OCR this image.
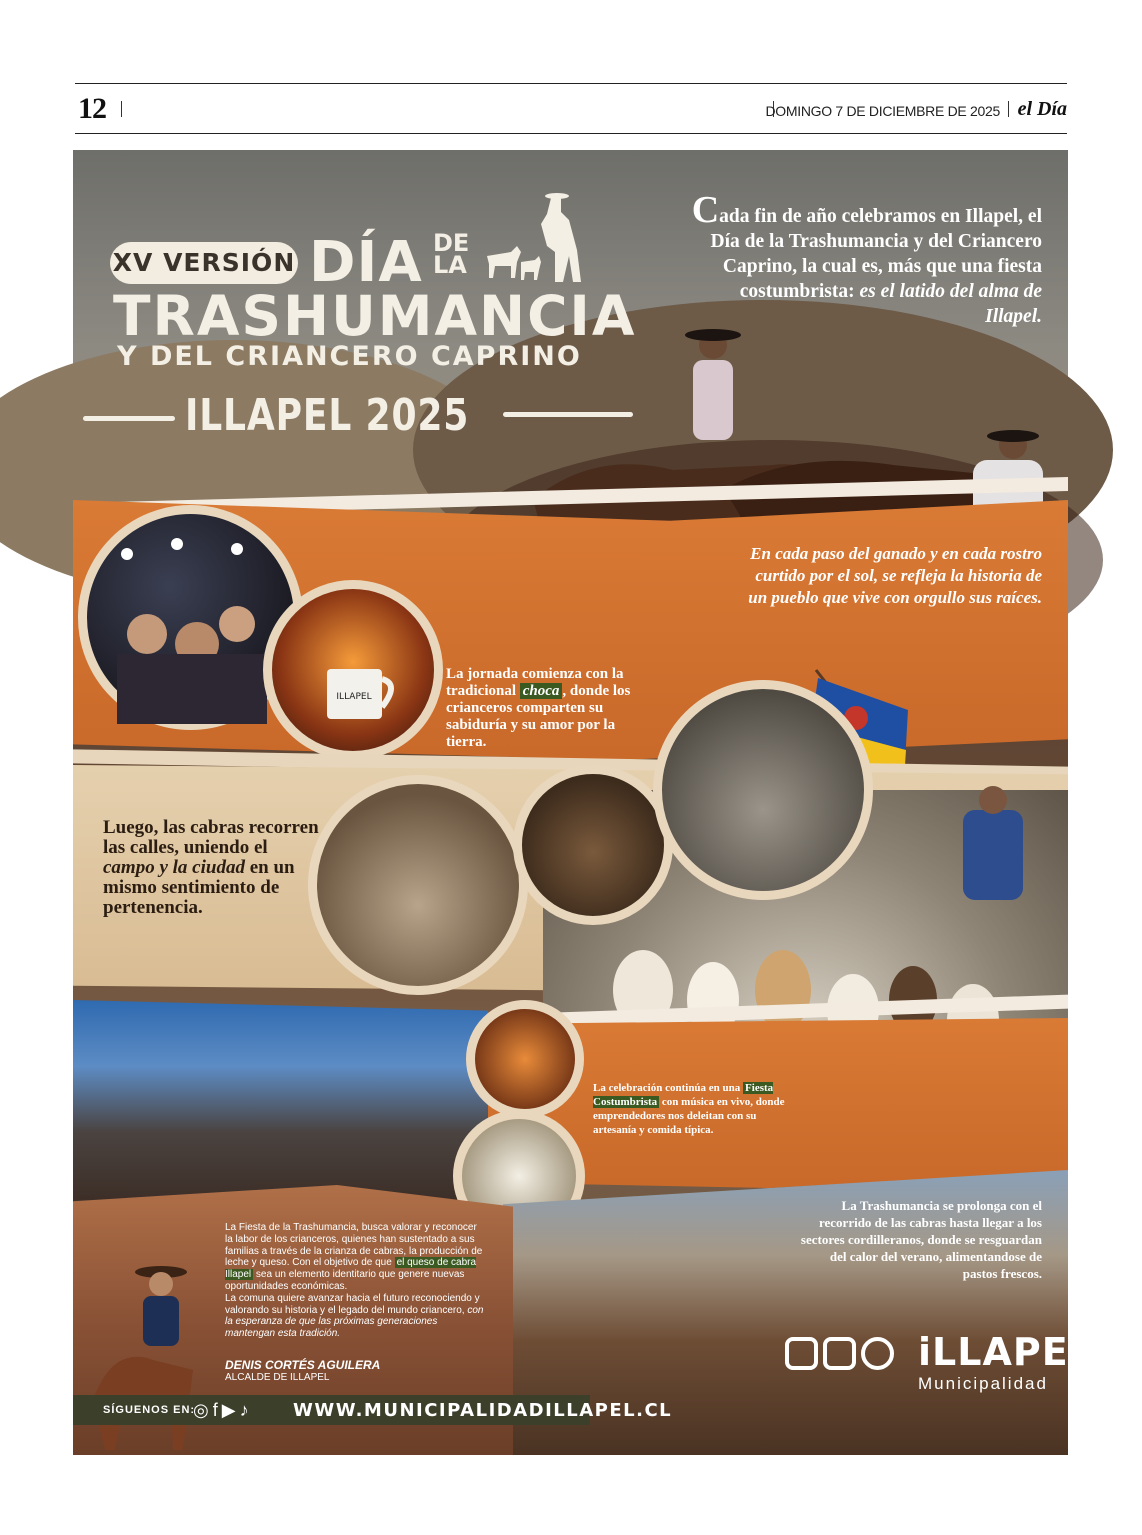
12	DOMINGO 7 DE DICIEMBRE DE 2025 el Día
XV VERSIÓN DÍA DE
LA
TRASHUMANCIA
Y DEL CRIANCERO CAPRINO
ILLAPEL 2025
Cada fin de año celebramos en Illapel, el Día de la Trashumancia y del Criancero Caprino, la cual es, más que una fiesta costumbrista: es el latido del alma de Illapel.
En cada paso del ganado y en cada rostro curtido por el sol, se refleja la historia de un pueblo que vive con orgullo sus raíces.
ILLAPEL
La jornada comienza con la tradicional choca , donde los crianceros comparten su sabiduría y su amor por la tierra.
Luego, las cabras recorren las calles, uniendo el campo y la ciudad en un mismo sentimiento de pertenencia.
La celebración continúa en una Fiesta Costumbrista con música en vivo, donde emprendedores nos deleitan con su artesanía y comida típica.
La Trashumancia se prolonga con el recorrido de las cabras hasta llegar a los sectores cordilleranos, donde se resguardan del calor del verano, alimentandose de pastos frescos.
La Fiesta de la Trashumancia, busca valorar y reconocer la labor de los crianceros, quienes han sustentado a sus familias a través de la crianza de cabras, la producción de leche y queso. Con el objetivo de que el queso de cabra Illapel sea un elemento identitario que genere nuevas oportunidades económicas.
La comuna quiere avanzar hacia el futuro reconociendo y valorando su historia y el legado del mundo criancero, con la esperanza de que las próximas generaciones mantengan esta tradición.
DENIS CORTÉS AGUILERA
ALCALDE DE ILLAPEL
SÍGUENOS EN:
◎f▶♪ WWW.MUNICIPALIDADILLAPEL.CL
iLLAPEL
Municipalidad
